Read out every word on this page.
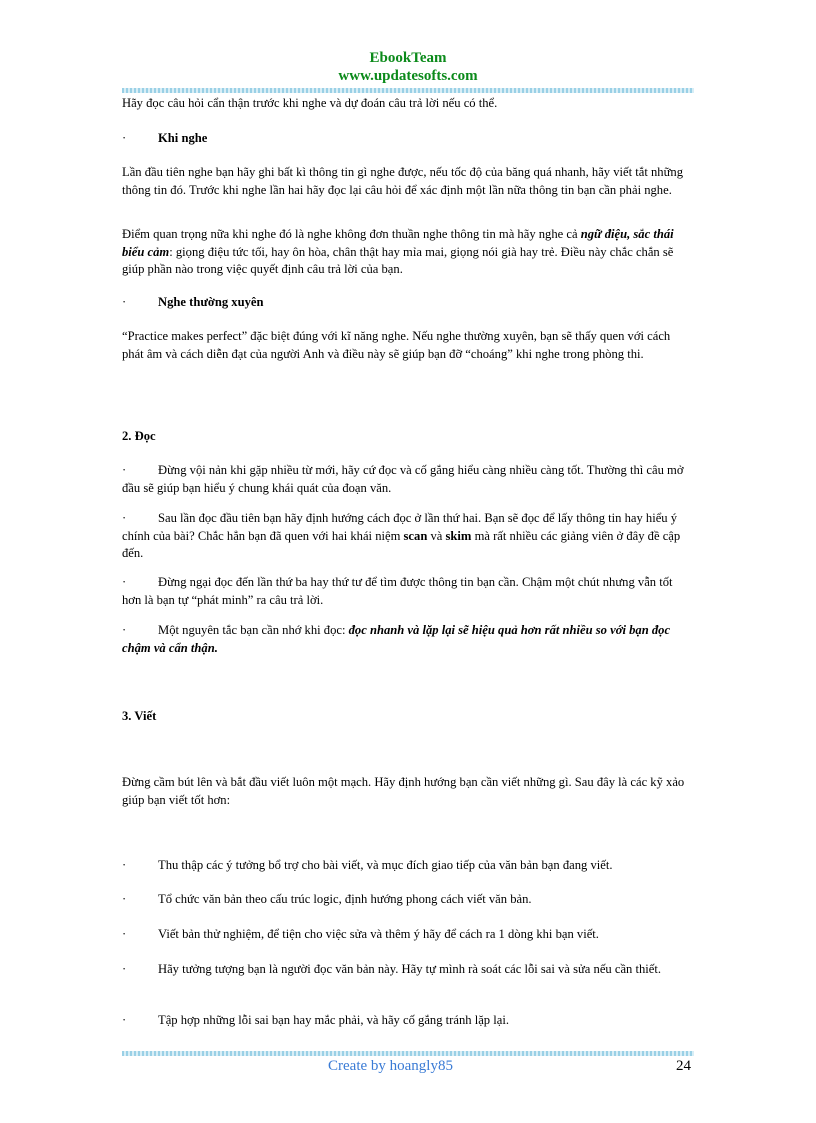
EbookTeam
www.updatesofts.com

Hãy đọc câu hỏi cẩn thận trước khi nghe và dự đoán câu trả lời nếu có thể.

·	Khi nghe

Lần đầu tiên nghe bạn hãy ghi bất kì thông tin gì nghe được, nếu tốc độ của băng quá nhanh, hãy viết tắt những thông tin đó. Trước khi nghe lần hai hãy đọc lại câu hỏi để xác định một lần nữa thông tin bạn cần phải nghe.

Điểm quan trọng nữa khi nghe đó là nghe không đơn thuần nghe thông tin mà hãy nghe cả ngữ điệu, sắc thái biểu cảm: giọng điệu tức tối, hay ôn hòa, chân thật hay mỉa mai, giọng nói già hay trẻ. Điều này chắc chắn sẽ giúp phần nào trong việc quyết định câu trả lời của bạn.

·	Nghe thường xuyên

“Practice makes perfect” đặc biệt đúng với kĩ năng nghe. Nếu nghe thường xuyên, bạn sẽ thấy quen với cách phát âm và cách diễn đạt của người Anh và điều này sẽ giúp bạn đỡ “choáng” khi nghe trong phòng thi.

2. Đọc

·	Đừng vội nản khi gặp nhiều từ mới, hãy cứ đọc và cố gắng hiểu càng nhiều càng tốt. Thường thì câu mở đầu sẽ giúp bạn hiểu ý chung khái quát của đoạn văn.

·	Sau lần đọc đầu tiên bạn hãy định hướng cách đọc ở lần thứ hai. Bạn sẽ đọc để lấy thông tin hay hiểu ý chính của bài? Chắc hẳn bạn đã quen với hai khái niệm scan và skim mà rất nhiều các giảng viên ở đây đề cập đến.

·	Đừng ngại đọc đến lần thứ ba hay thứ tư để tìm được thông tin bạn cần. Chậm một chút nhưng vẫn tốt hơn là bạn tự “phát minh” ra câu trả lời.

·	Một nguyên tắc bạn cần nhớ khi đọc: đọc nhanh và lặp lại sẽ hiệu quả hơn rất nhiều so với bạn đọc chậm và cẩn thận.

3. Viết

Đừng cầm bút lên và bắt đầu viết luôn một mạch. Hãy định hướng bạn cần viết những gì. Sau đây là các kỹ xảo giúp bạn viết tốt hơn:

·	Thu thập các ý tưởng bổ trợ cho bài viết, và mục đích giao tiếp của văn bản bạn đang viết.

·	Tổ chức văn bản theo cấu trúc logic, định hướng phong cách viết văn bản.

·	Viết bản thử nghiệm, để tiện cho việc sửa và thêm ý hãy để cách ra 1 dòng khi bạn viết.

·	Hãy tưởng tượng bạn là người đọc văn bản này. Hãy tự mình rà soát các lỗi sai và sửa nếu cần thiết.

·	Tập hợp những lỗi sai bạn hay mắc phải, và hãy cố gắng tránh lặp lại.

Create by hoangly85	24
